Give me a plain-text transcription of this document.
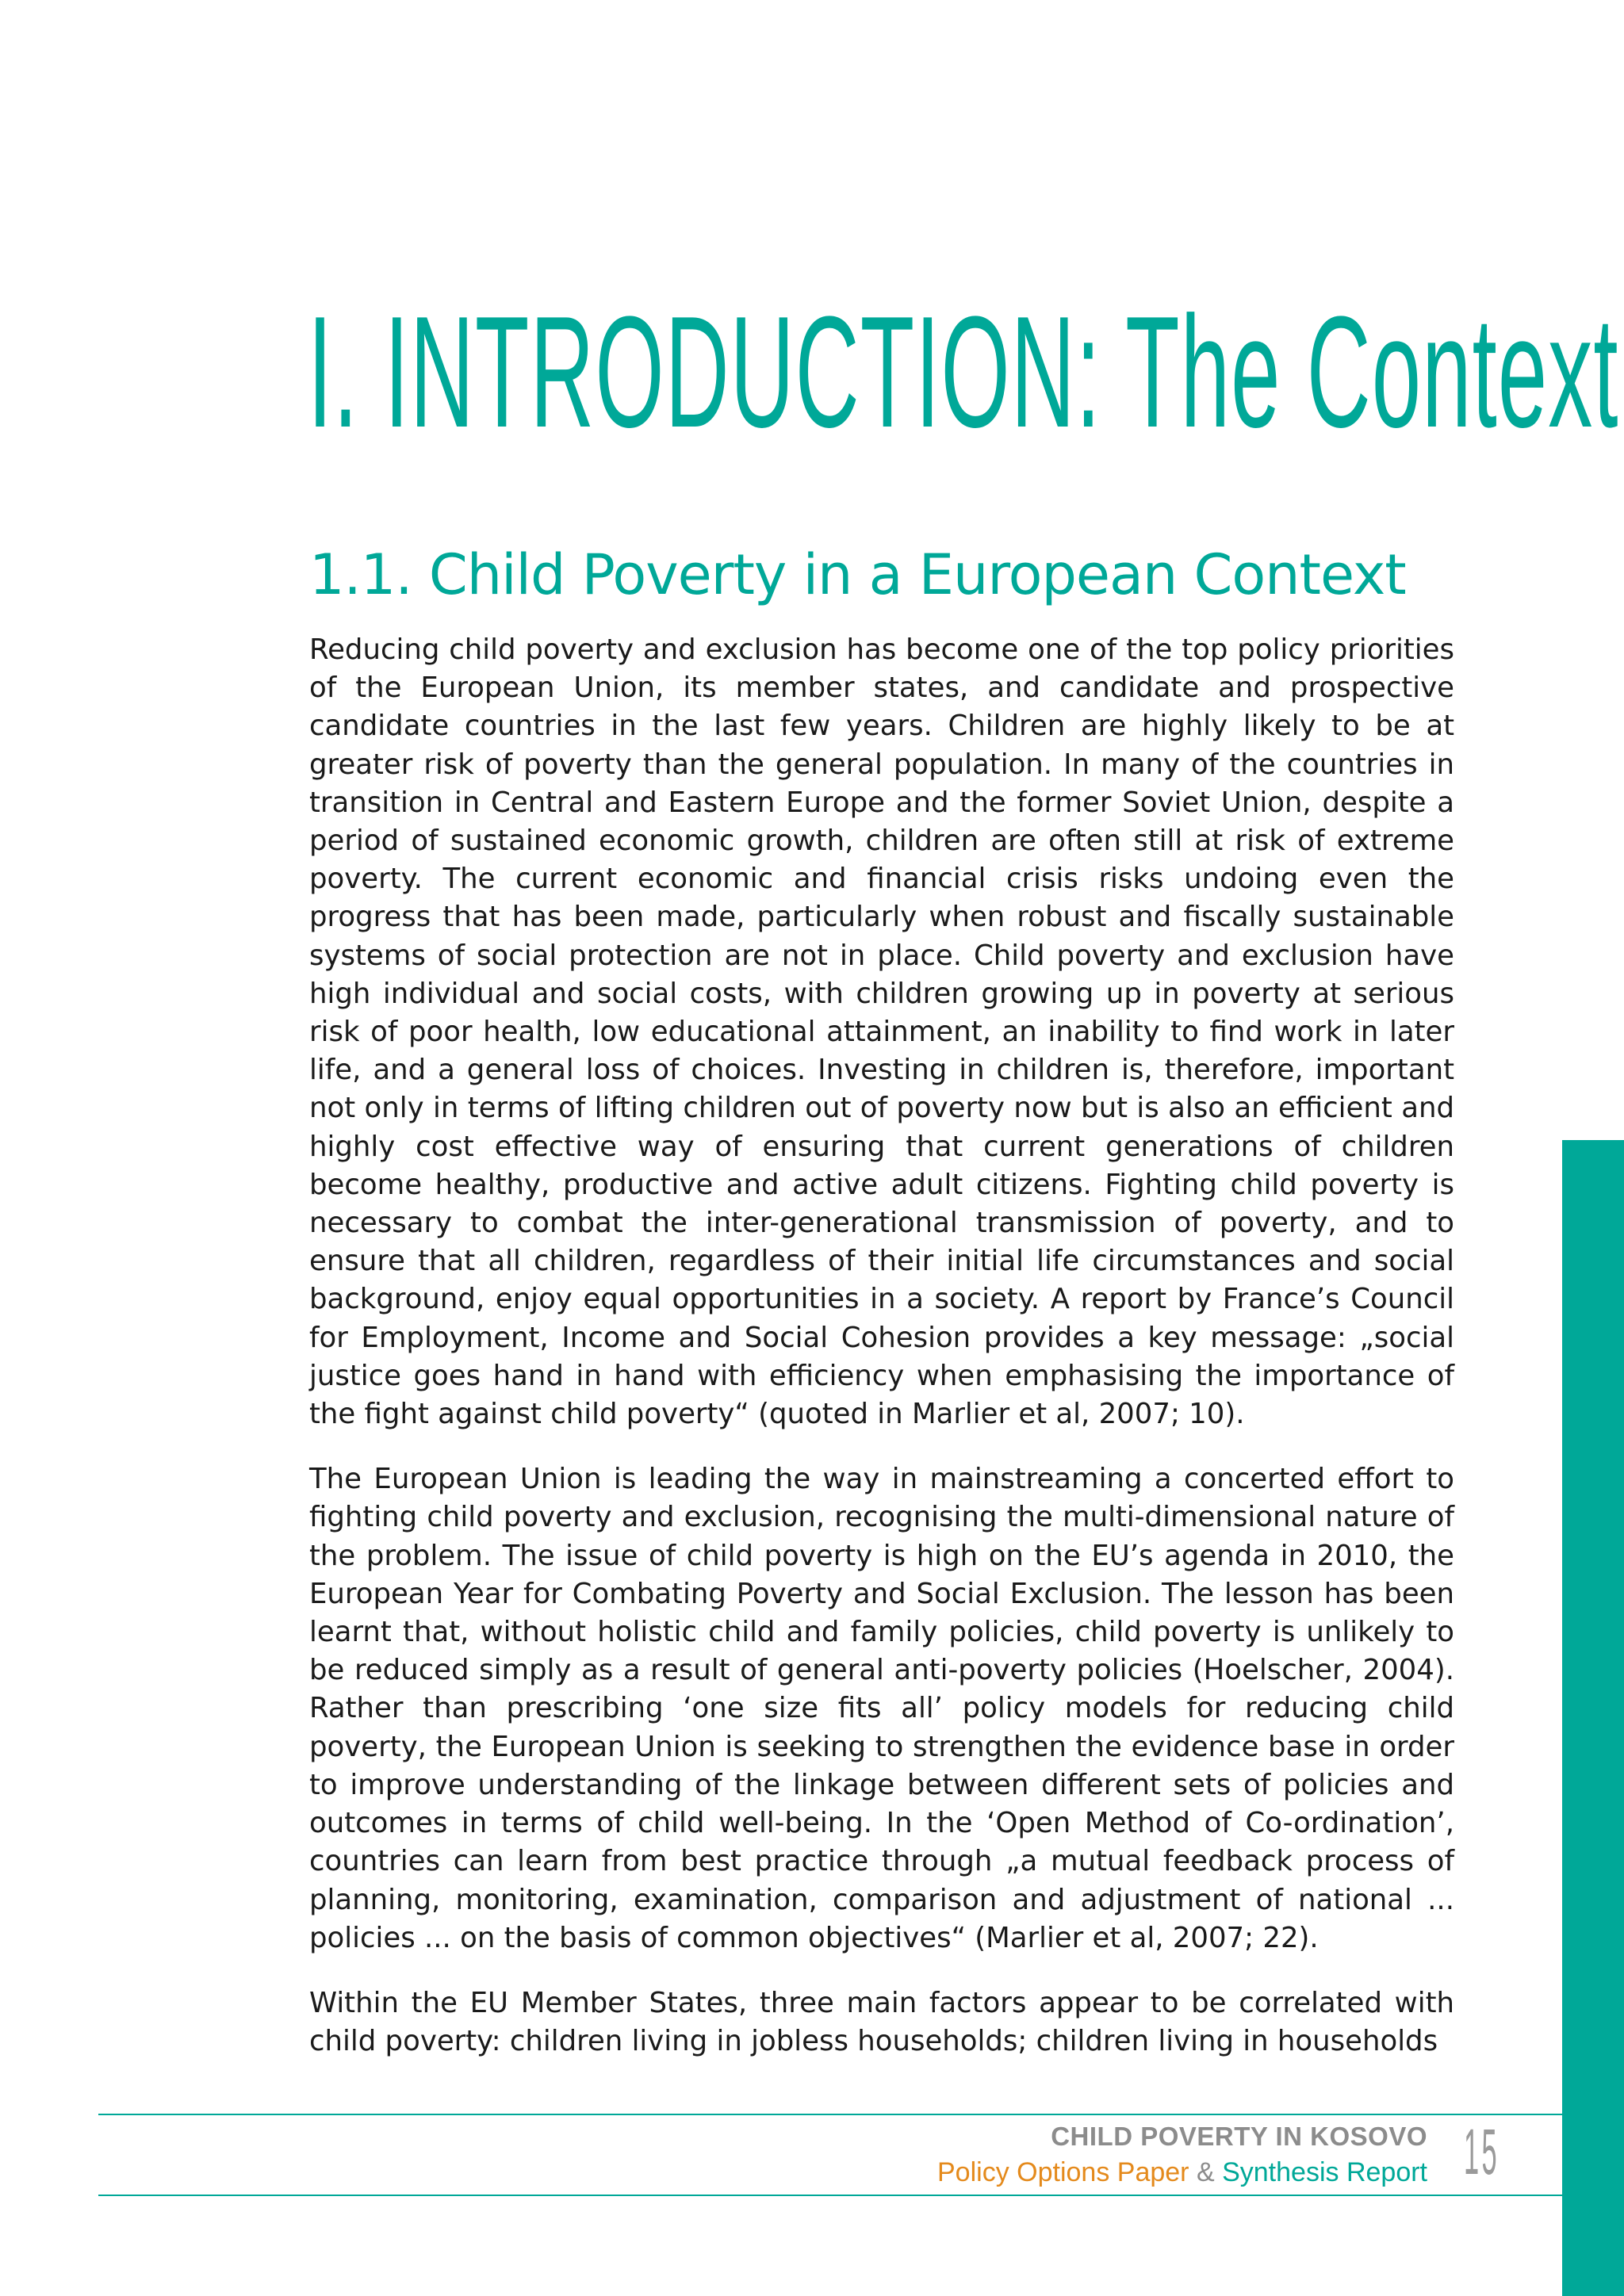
I. INTRODUCTION: The Context
1.1. Child Poverty in a European Context

Reducing child poverty and exclusion has become one of the top policy priorities of the European Union, its member states, and candidate and prospective candidate countries in the last few years. Children are highly likely to be at greater risk of poverty than the general population. In many of the countries in transition in Central and Eastern Europe and the former Soviet Union, despite a period of sustained economic growth, children are often still at risk of extreme poverty. The current economic and financial crisis risks undoing even the progress that has been made, particularly when robust and fiscally sustainable systems of social protection are not in place. Child poverty and exclusion have high individual and social costs, with children growing up in poverty at serious risk of poor health, low educational attainment, an inability to find work in later life, and a general loss of choices. Investing in children is, therefore, important not only in terms of lifting children out of poverty now but is also an efficient and highly cost effective way of ensuring that current generations of children become healthy, productive and active adult citizens. Fighting child poverty is necessary to combat the inter-generational transmission of poverty, and to ensure that all children, regardless of their initial life circumstances and social background, enjoy equal opportunities in a society. A report by France’s Council for Employment, Income and Social Cohesion provides a key message: „social justice goes hand in hand with efficiency when emphasising the importance of the fight against child poverty“ (quoted in Marlier et al, 2007; 10).

The European Union is leading the way in mainstreaming a concerted effort to fighting child poverty and exclusion, recognising the multi-dimensional nature of the problem. The issue of child poverty is high on the EU’s agenda in 2010, the European Year for Combating Poverty and Social Exclusion. The lesson has been learnt that, without holistic child and family policies, child poverty is unlikely to be reduced simply as a result of general anti-poverty policies (Hoelscher, 2004). Rather than prescribing ‘one size fits all’ policy models for reducing child poverty, the European Union is seeking to strengthen the evidence base in order to improve understanding of the linkage between different sets of policies and outcomes in terms of child well-being. In the ‘Open Method of Co-ordination’, countries can learn from best practice through „a mutual feedback process of planning, monitoring, examination, comparison and adjustment of national ... policies ... on the basis of common objectives“ (Marlier et al, 2007; 22).

Within the EU Member States, three main factors appear to be correlated with child poverty: children living in jobless households; children living in households

CHILD POVERTY IN KOSOVO
Policy Options Paper & Synthesis Report 15
